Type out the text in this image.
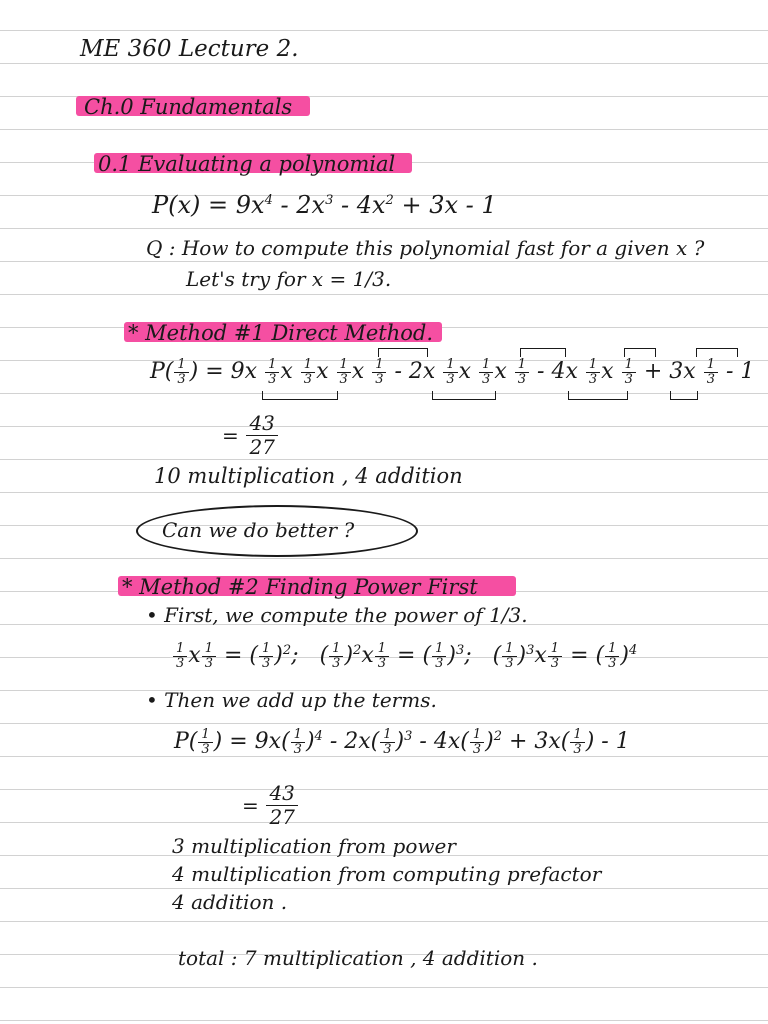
ME 360 Lecture 2.
Ch.0 Fundamentals
0.1 Evaluating a polynomial
$P(x) = 9x^4 - 2x^3 - 4x^2 + 3x - 1$
Q : How to compute this polynomial fast for a given x ?
Let's try for x = 1/3.
* Method #1 Direct Method.
$P( \frac{1}{3}$ ) = $9x \frac{1}{3}$ x $\frac{1}{3}$ x $\frac{1}{3}$ x $\frac{1}{3} - 2x \frac{1}{3}$ x $\frac{1}{3}$ x $\frac{1}{3} - 4x \frac{1}{3}$ x $\frac{1}{3} + 3x \frac{1}{3} - 1$
= $\frac{43}{27}$
10 multiplication , 4 addition
Can we do better ?
* Method #2 Finding Power First
• First, we compute the power of 1/3.
$\frac{1}{3}$ x $\frac{1}{3}$ = ( $\frac{1}{3} )^2$; ( $\frac{1}{3} )^2x \frac{1}{3}$ = ( $\frac{1}{3} )^3$; ( $\frac{1}{3} )^3x \frac{1}{3}$ = ( $\frac{1}{3} )^4$
• Then we add up the terms.
$P( \frac{1}{3}$ ) = $9x( \frac{1}{3} )^4 - 2x( \frac{1}{3} )^3 - 4x( \frac{1}{3} )^2 + 3x( \frac{1}{3}$ ) - 1
= $\frac{43}{27}$
3 multiplication from power
4 multiplication from computing prefactor
4 addition .
total : 7 multiplication , 4 addition .
